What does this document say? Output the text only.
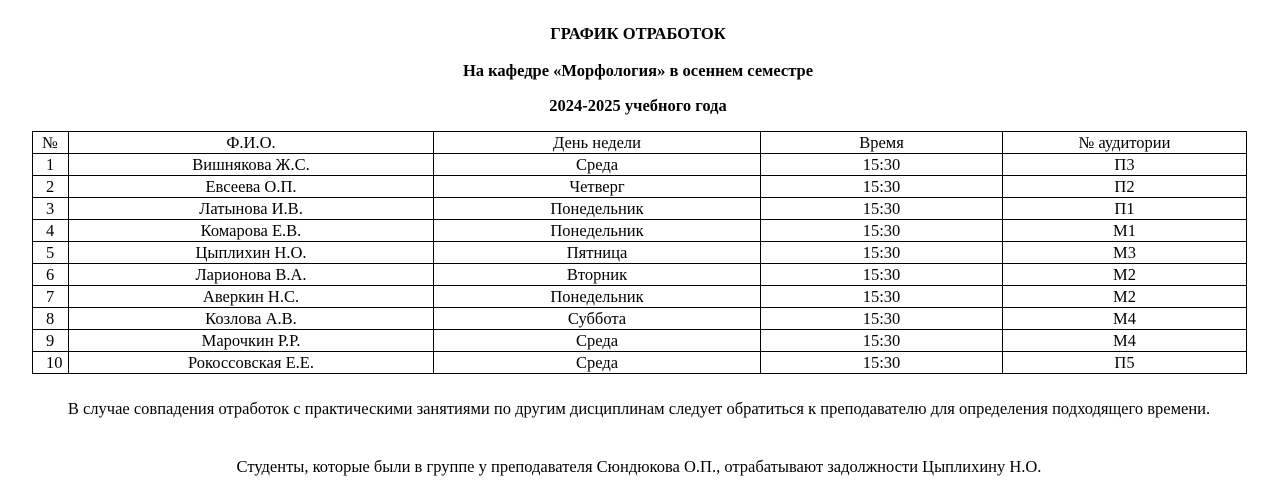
ГРАФИК ОТРАБОТОК
На кафедре «Морфология» в осеннем семестре
2024-2025 учебного года
№	Ф.И.О.	День недели	Время	№ аудитории
1	Вишнякова Ж.С.	Среда	15:30	П3
2	Евсеева О.П.	Четверг	15:30	П2
3	Латынова И.В.	Понедельник	15:30	П1
4	Комарова Е.В.	Понедельник	15:30	М1
5	Цыплихин Н.О.	Пятница	15:30	М3
6	Ларионова В.А.	Вторник	15:30	М2
7	Аверкин Н.С.	Понедельник	15:30	М2
8	Козлова А.В.	Суббота	15:30	М4
9	Марочкин Р.Р.	Среда	15:30	М4
10	Рокоссовская Е.Е.	Среда	15:30	П5
В случае совпадения отработок с практическими занятиями по другим дисциплинам следует обратиться к преподавателю для определения подходящего времени.
Студенты, которые были в группе у преподавателя Сюндюкова О.П., отрабатывают задолжности Цыплихину Н.О.
